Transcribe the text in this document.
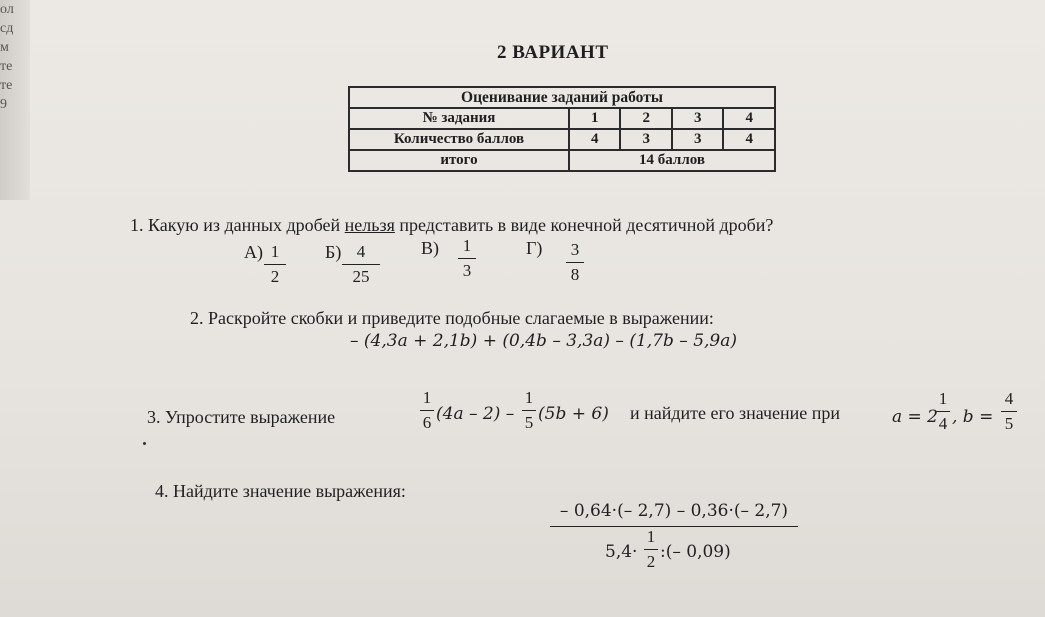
ол
сд
м
те
те
9
2 ВАРИАНТ
Оценивание заданий работы				
№ задания	1	2	3	4
Количество баллов	4	3	3	4
итого	14 баллов			
1. Какую из данных дробей нельзя представить в виде конечной десятичной дроби?
А) 1
2
Б) 4
25
В) 1
3
Г) 3
8
2. Раскройте скобки и приведите подобные слагаемые в выражении:
– (4,3a + 2,1b) + (0,4b – 3,3a) – (1,7b – 5,9a)
3. Упростите выражение
1
6 (4a – 2) –
1
5 (5b + 6) и найдите его значение при	a = 2
1
4 , b =
4
5
4. Найдите значение выражения:
– 0,64·(– 2,7) – 0,36·(– 2,7)
5,4·
1
2 :(– 0,09)
